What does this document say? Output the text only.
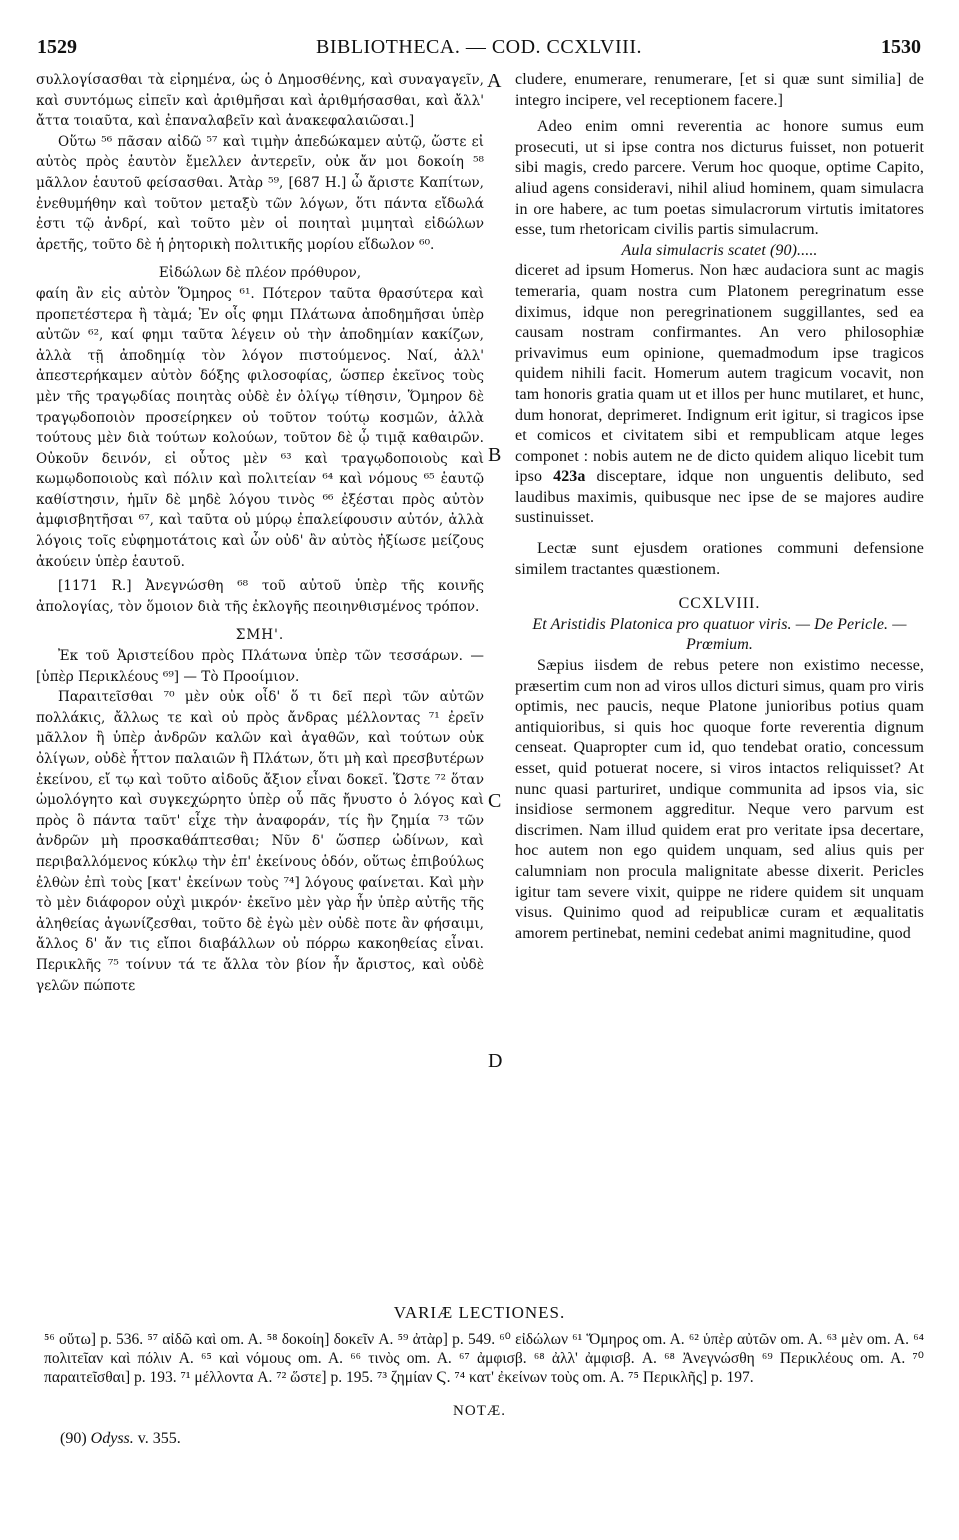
1529	BIBLIOTHECA. — COD. CCXLVIII.	1530

συλλογίσασθαι τὰ εἰρημένα, ὡς ὁ Δημοσθένης, καὶ συναγαγεῖν, καὶ συντόμως εἰπεῖν καὶ ἀριθμῆσαι καὶ ἀριθμήσασθαι, καὶ ἄλλ' ἄττα τοιαῦτα, καὶ ἐπαναλαβεῖν καὶ ἀνακεφαλαιῶσαι.]

Οὕτω ⁵⁶ πᾶσαν αἰδῶ ⁵⁷ καὶ τιμὴν ἀπεδώκαμεν αὐτῷ, ὥστε εἰ αὐτὸς πρὸς ἑαυτὸν ἔμελλεν ἀντερεῖν, οὐκ ἄν μοι δοκοίη ⁵⁸ μᾶλλον ἑαυτοῦ φείσασθαι. Ἀτὰρ ⁵⁹, [687 H.] ὦ ἄριστε Καπίτων, ἐνεθυμήθην καὶ τοῦτον μεταξὺ τῶν λόγων, ὅτι πάντα εἴδωλά ἐστι τῷ ἀνδρί, καὶ τοῦτο μὲν οἱ ποιηταὶ μιμηταὶ εἰδώλων ἀρετῆς, τοῦτο δὲ ἡ ῥητορικὴ πολιτικῆς μορίου εἴδωλον ⁶⁰.

Εἰδώλων δὲ πλέον πρόθυρον,

φαίη ἂν εἰς αὐτὸν Ὅμηρος ⁶¹. Πότερον ταῦτα θρασύτερα καὶ προπετέστερα ἢ τὰμά; Ἐν οἷς φημι Πλάτωνα ἀποδημῆσαι ὑπὲρ αὐτῶν ⁶², καί φημι ταῦτα λέγειν οὐ τὴν ἀποδημίαν κακίζων, ἀλλὰ τῇ ἀποδημίᾳ τὸν λόγον πιστούμενος. Ναί, ἀλλ' ἀπεστερήκαμεν αὐτὸν δόξης φιλοσοφίας, ὥσπερ ἐκεῖνος τοὺς μὲν τῆς τραγῳδίας ποιητὰς οὐδὲ ἐν ὀλίγῳ τίθησιν, Ὅμηρον δὲ τραγῳδοποιὸν προσείρηκεν οὐ τοῦτον τούτῳ κοσμῶν, ἀλλὰ τούτους μὲν διὰ τούτων κολούων, τοῦτον δὲ ᾧ τιμᾷ καθαιρῶν. Οὐκοῦν δεινόν, εἰ οὗτος μὲν ⁶³ καὶ τραγῳδοποιοὺς καὶ κωμῳδοποιοὺς καὶ πόλιν καὶ πολιτείαν ⁶⁴ καὶ νόμους ⁶⁵ ἑαυτῷ καθίστησιν, ἡμῖν δὲ μηδὲ λόγου τινὸς ⁶⁶ ἐξέσται πρὸς αὐτὸν ἀμφισβητῆσαι ⁶⁷, καὶ ταῦτα οὐ μύρῳ ἐπαλείφουσιν αὐτόν, ἀλλὰ λόγοις τοῖς εὐφημοτάτοις καὶ ὧν οὐδ' ἂν αὐτὸς ἠξίωσε μείζους ἀκούειν ὑπὲρ ἑαυτοῦ.

[1171 R.] Ἀνεγνώσθη ⁶⁸ τοῦ αὐτοῦ ὑπὲρ τῆς κοινῆς ἀπολογίας, τὸν ὅμοιον διὰ τῆς ἐκλογῆς πεοιηνθισμένος τρόπον.

ΣΜΗ'.

Ἐκ τοῦ Ἀριστείδου πρὸς Πλάτωνα ὑπὲρ τῶν τεσσάρων. — [ὑπὲρ Περικλέους ⁶⁹] — Τὸ Προοίμιον.

Παραιτεῖσθαι ⁷⁰ μὲν οὐκ οἶδ' ὅ τι δεῖ περὶ τῶν αὐτῶν πολλάκις, ἄλλως τε καὶ οὐ πρὸς ἄνδρας μέλλοντας ⁷¹ ἐρεῖν μᾶλλον ἢ ὑπὲρ ἀνδρῶν καλῶν καὶ ἀγαθῶν, καὶ τούτων οὐκ ὀλίγων, οὐδὲ ἧττον παλαιῶν ἢ Πλάτων, ὅτι μὴ καὶ πρεσβυτέρων ἐκείνου, εἴ τῳ καὶ τοῦτο αἰδοῦς ἄξιον εἶναι δοκεῖ. Ὥστε ⁷² ὅταν ὡμολόγητο καὶ συγκεχώρητο ὑπὲρ οὗ πᾶς ἤνυστο ὁ λόγος καὶ πρὸς ὃ πάντα ταῦτ' εἶχε τὴν ἀναφοράν, τίς ἢν ζημία ⁷³ τῶν ἀνδρῶν μὴ προσκαθάπτεσθαι; Νῦν δ' ὥσπερ ὠδίνων, καὶ περιβαλλόμενος κύκλῳ τὴν ἐπ' ἐκείνους ὁδόν, οὕτως ἐπιβούλως ἐλθὼν ἐπὶ τοὺς [κατ' ἐκείνων τοὺς ⁷⁴] λόγους φαίνεται. Καὶ μὴν τὸ μὲν διάφορον οὐχὶ μικρόν· ἐκεῖνο μὲν γὰρ ἦν ὑπὲρ αὐτῆς τῆς ἀληθείας ἀγωνίζεσθαι, τοῦτο δὲ ἐγὼ μὲν οὐδὲ ποτε ἂν φήσαιμι, ἄλλος δ' ἄν τις εἴποι διαβάλλων οὐ πόρρω κακοηθείας εἶναι. Περικλῆς ⁷⁵ τοίνυν τά τε ἄλλα τὸν βίον ἦν ἄριστος, καὶ οὐδὲ γελῶν πώποτε

A
B
C
D

cludere, enumerare, renumerare, [et si quæ sunt similia] de integro incipere, vel receptionem facere.]

Adeo enim omni reverentia ac honore sumus eum prosecuti, ut si ipse contra nos dicturus fuisset, non potuerit sibi magis, credo parcere. Verum hoc quoque, optime Capito, aliud agens consideravi, nihil aliud hominem, quam simulacra in ore habere, ac tum poetas simulacrorum virtutis imitatores esse, tum rhetoricam civilis partis simulacrum.

Aula simulacris scatet (90).....

diceret ad ipsum Homerus. Non hæc audaciora sunt ac magis temeraria, quam nostra cum Platonem peregrinatum esse diximus, idque non peregrinationem suggillantes, sed ea causam nostram confirmantes. An vero philosophiæ privavimus eum opinione, quemadmodum ipse tragicos quidem nihili facit. Homerum autem tragicum vocavit, non tam honoris gratia quam ut et illos per hunc mutilaret, et hunc, dum honorat, deprimeret. Indignum erit igitur, si tragicos ipse et comicos et civitatem sibi et rempublicam atque leges componet : nobis autem ne de dicto quidem aliquo licebit tum ipso 423a disceptare, idque non unguentis delibuto, sed laudibus maximis, quibusque nec ipse de se majores audire sustinuisset.

Lectæ sunt ejusdem orationes communi defensione similem tractantes quæstionem.

CCXLVIII.

Et Aristidis Platonica pro quatuor viris. — De Pericle. — Prœmium.

Sæpius iisdem de rebus petere non existimo necesse, præsertim cum non ad viros ullos dicturi simus, quam pro viris optimis, nec paucis, neque Platone junioribus potius quam antiquioribus, si quis hoc quoque forte reverentia dignum censeat. Quapropter cum id, quo tendebat oratio, concessum esset, quid potuerat nocere, si viros intactos reliquisset? At nunc quasi parturiret, undique communita ad ipsos via, sic insidiose sermonem aggreditur. Neque vero parvum est discrimen. Nam illud quidem erat pro veritate ipsa decertare, hoc autem non ego quidem unquam, sed alius quis per calumniam non procula malignitate abesse dixerit. Pericles igitur tam severe vixit, quippe ne ridere quidem sit unquam visus. Quinimo quod ad reipublicæ curam et æqualitatis amorem pertinebat, nemini cedebat animi magnitudine, quod

VARIÆ LECTIONES.
⁵⁶ οὕτω] p. 536. ⁵⁷ αἰδῶ καὶ om. A. ⁵⁸ δοκοίη] δοκεῖν A. ⁵⁹ ἀτὰρ] p. 549. ⁶⁰ εἰδώλων ⁶¹ Ὅμηρος om. A. ⁶² ὑπὲρ αὐτῶν om. A. ⁶³ μὲν om. A. ⁶⁴ πολιτεῖαν καὶ πόλιν A. ⁶⁵ καὶ νόμους om. A. ⁶⁶ τινὸς om. A. ⁶⁷ ἀμφισβ. ⁶⁸ ἀλλ' ἀμφισβ. A. ⁶⁸ Ἀνεγνώσθη ⁶⁹ Περικλέους om. A. ⁷⁰ παραιτεῖσθαι] p. 193. ⁷¹ μέλλοντα A. ⁷² ὥστε] p. 195. ⁷³ ζημίαν Ϛ. ⁷⁴ κατ' ἐκείνων τοὺς om. A. ⁷⁵ Περικλῆς] p. 197.
NOTÆ.
(90) Odyss. v. 355.
